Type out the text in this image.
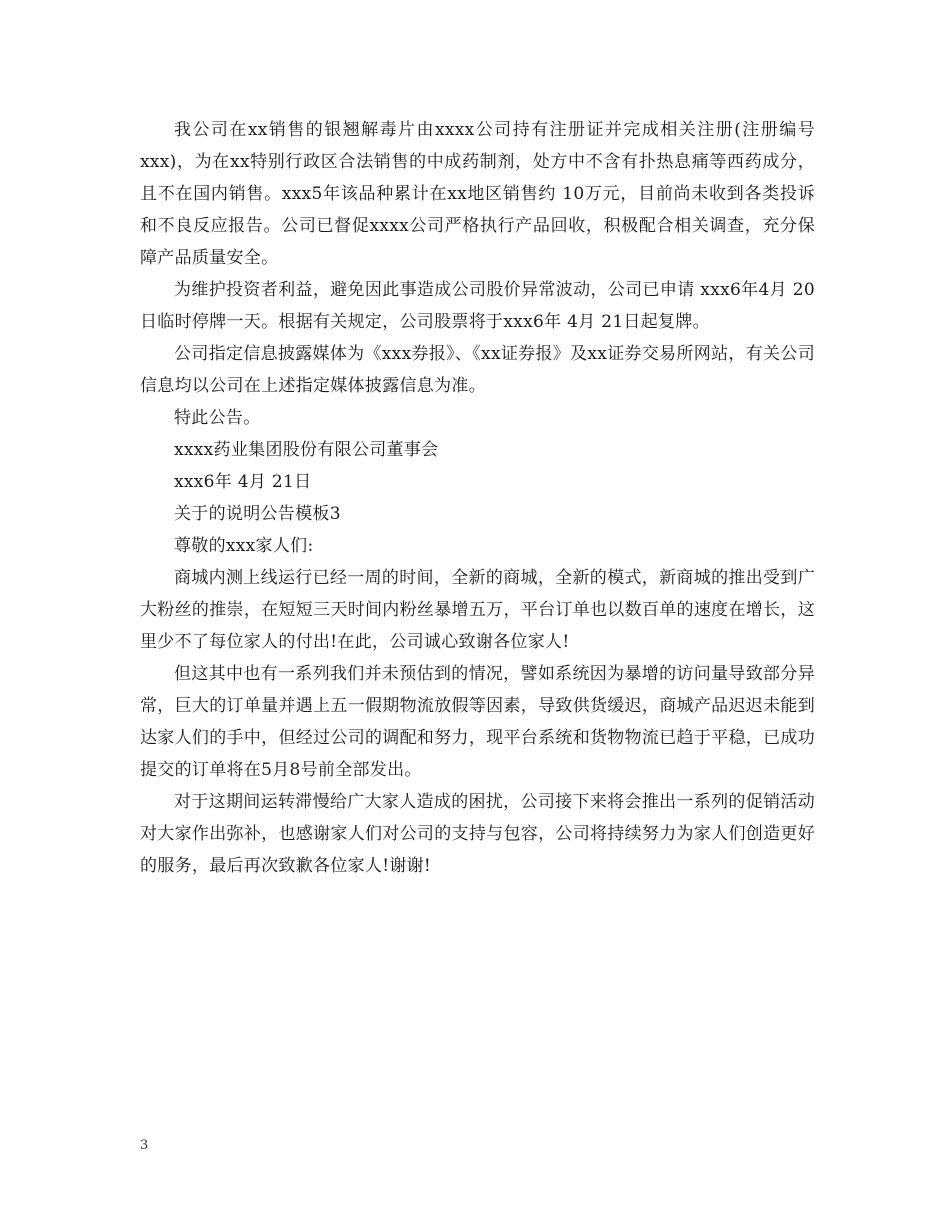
我公司在xx销售的银翘解毒片由xxxx公司持有注册证并完成相关注册(注册编号xxx)，为在xx特别行政区合法销售的中成药制剂，处方中不含有扑热息痛等西药成分，且不在国内销售。xxx5年该品种累计在xx地区销售约 10万元，目前尚未收到各类投诉和不良反应报告。公司已督促xxxx公司严格执行产品回收，积极配合相关调查，充分保障产品质量安全。

为维护投资者利益，避免因此事造成公司股价异常波动，公司已申请 xxx6年4月 20日临时停牌一天。根据有关规定，公司股票将于xxx6年 4月 21日起复牌。

公司指定信息披露媒体为《xxx券报》、《xx证券报》及xx证券交易所网站，有关公司信息均以公司在上述指定媒体披露信息为准。

特此公告。

xxxx药业集团股份有限公司董事会

xxx6年 4月 21日

关于的说明公告模板3

尊敬的xxx家人们:

商城内测上线运行已经一周的时间，全新的商城，全新的模式，新商城的推出受到广大粉丝的推崇，在短短三天时间内粉丝暴增五万，平台订单也以数百单的速度在增长，这里少不了每位家人的付出!在此，公司诚心致谢各位家人!

但这其中也有一系列我们并未预估到的情况，譬如系统因为暴增的访问量导致部分异常，巨大的订单量并遇上五一假期物流放假等因素，导致供货缓迟，商城产品迟迟未能到达家人们的手中，但经过公司的调配和努力，现平台系统和货物物流已趋于平稳，已成功提交的订单将在5月8号前全部发出。

对于这期间运转滞慢给广大家人造成的困扰，公司接下来将会推出一系列的促销活动对大家作出弥补，也感谢家人们对公司的支持与包容，公司将持续努力为家人们创造更好的服务，最后再次致歉各位家人!谢谢!

3
